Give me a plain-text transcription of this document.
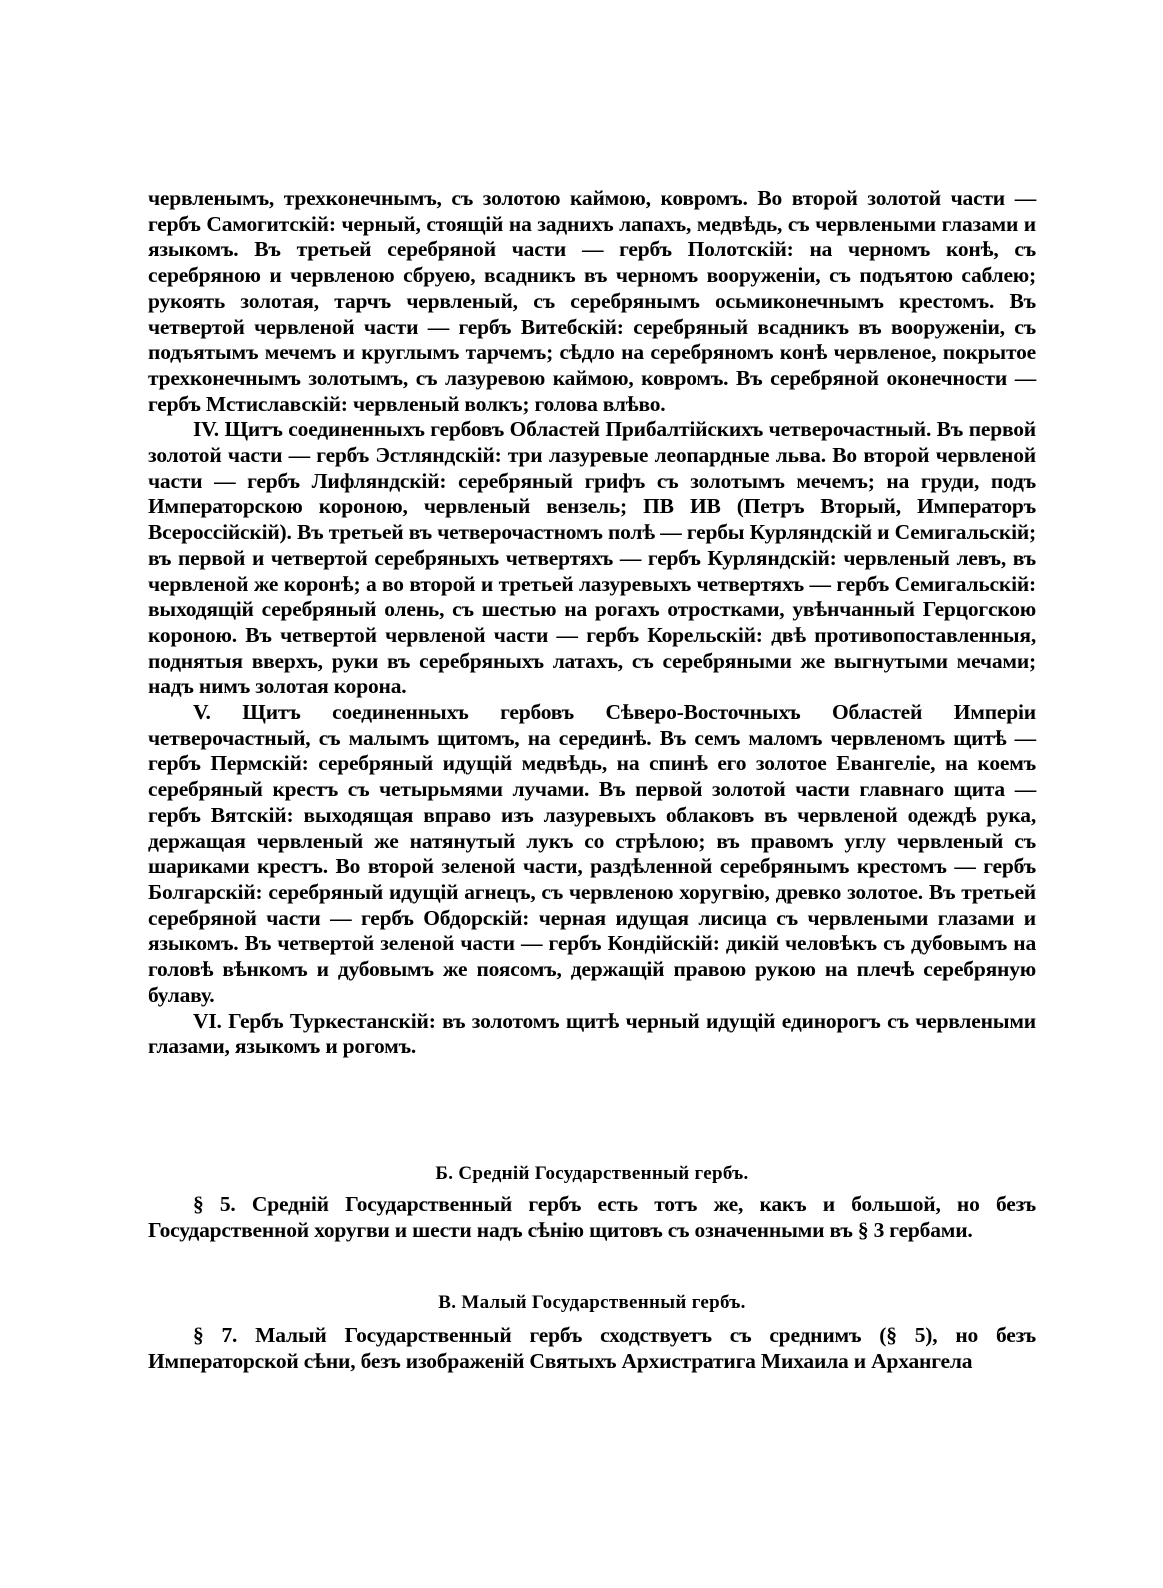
червленымъ, трехконечнымъ, съ золотою каймою, ковромъ. Во второй золотой части — гербъ Самогитскій: черный, стоящій на заднихъ лапахъ, медвѣдь, съ червлеными глазами и языкомъ. Въ третьей серебряной части — гербъ Полотскій: на черномъ конѣ, съ серебряною и червленою сбруею, всадникъ въ черномъ вооруженіи, съ подъятою саблею; рукоять золотая, тарчъ червленый, съ серебрянымъ осьмиконечнымъ крестомъ. Въ четвертой червленой части — гербъ Витебскій: серебряный всадникъ въ вооруженіи, съ подъятымъ мечемъ и круглымъ тарчемъ; сѣдло на серебряномъ конѣ червленое, покрытое трехконечнымъ золотымъ, съ лазуревою каймою, ковромъ. Въ серебряной оконечности — гербъ Мстиславскій: червленый волкъ; голова влѣво.

IV. Щитъ соединенныхъ гербовъ Областей Прибалтійскихъ четверочастный. Въ первой золотой части — гербъ Эстляндскій: три лазуревые леопардные льва. Во второй червленой части — гербъ Лифляндскій: серебряный грифъ съ золотымъ мечемъ; на груди, подъ Императорскою короною, червленый вензель; ПВ ИВ (Петръ Вторый, Императоръ Всероссійскій). Въ третьей въ четверочастномъ полѣ — гербы Курляндскій и Семигальскій; въ первой и четвертой серебряныхъ четвертяхъ — гербъ Курляндскій: червленый левъ, въ червленой же коронѣ; а во второй и третьей лазуревыхъ четвертяхъ — гербъ Семигальскій: выходящій серебряный олень, съ шестью на рогахъ отростками, увѣнчанный Герцогскою короною. Въ четвертой червленой части — гербъ Корельскій: двѣ противопоставленныя, поднятыя вверхъ, руки въ серебряныхъ латахъ, съ серебряными же выгнутыми мечами; надъ нимъ золотая корона.

V. Щитъ соединенныхъ гербовъ Сѣверо-Восточныхъ Областей Имперіи четверочастный, съ малымъ щитомъ, на серединѣ. Въ семъ маломъ червленомъ щитѣ — гербъ Пермскій: серебряный идущій медвѣдь, на спинѣ его золотое Евангеліе, на коемъ серебряный крестъ съ четырьмями лучами. Въ первой золотой части главнаго щита — гербъ Вятскій: выходящая вправо изъ лазуревыхъ облаковъ въ червленой одеждѣ рука, держащая червленый же натянутый лукъ со стрѣлою; въ правомъ углу червленый съ шариками крестъ. Во второй зеленой части, раздѣленной серебрянымъ крестомъ — гербъ Болгарскій: серебряный идущій агнецъ, съ червленою хоругвію, древко золотое. Въ третьей серебряной части — гербъ Обдорскій: черная идущая лисица съ червлеными глазами и языкомъ. Въ четвертой зеленой части — гербъ Кондійскій: дикій человѣкъ съ дубовымъ на головѣ вѣнкомъ и дубовымъ же поясомъ, держащій правою рукою на плечѣ серебряную булаву.

VI. Гербъ Туркестанскій: въ золотомъ щитѣ черный идущій единорогъ съ червлеными глазами, языкомъ и рогомъ.

Б. Средній Государственный гербъ.

§ 5. Средній Государственный гербъ есть тотъ же, какъ и большой, но безъ Государственной хоругви и шести надъ сѣнію щитовъ съ означенными въ § 3 гербами.

В. Малый Государственный гербъ.

§ 7. Малый Государственный гербъ сходствуетъ съ среднимъ (§ 5), но безъ Императорской сѣни, безъ изображеній Святыхъ Архистратига Михаила и Архангела
